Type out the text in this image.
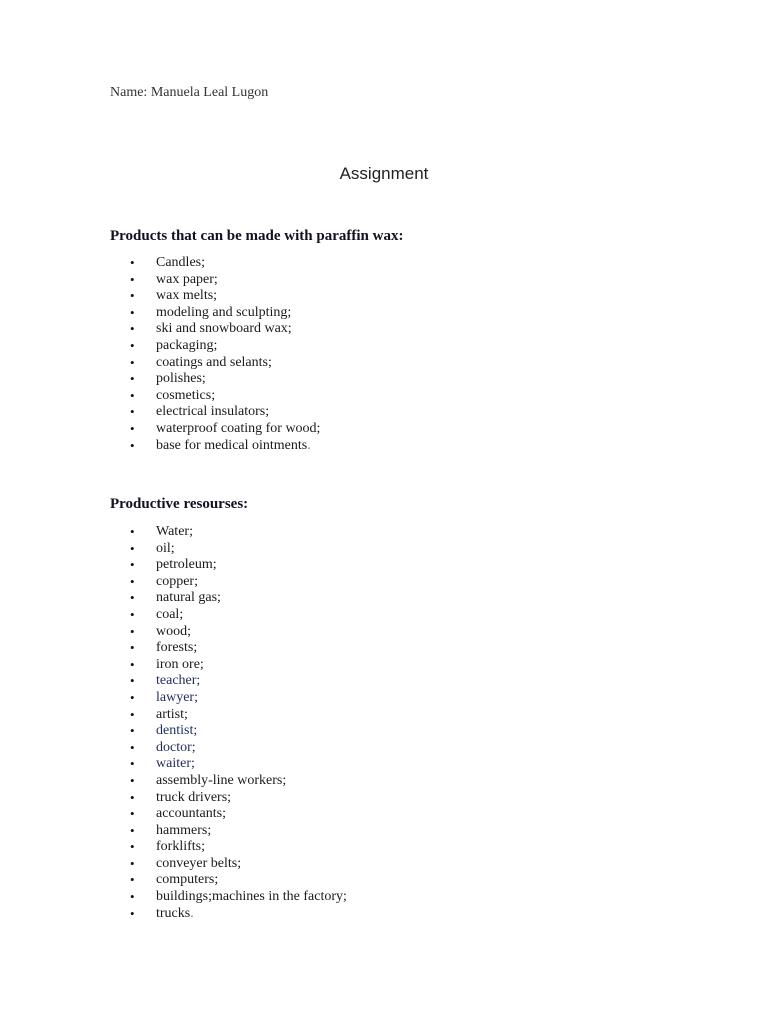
Name: Manuela Leal Lugon
Assignment
Products that can be made with paraffin wax:
• Candles;
• wax paper;
• wax melts;
• modeling and sculpting;
• ski and snowboard wax;
• packaging;
• coatings and selants;
• polishes;
• cosmetics;
• electrical insulators;
• waterproof coating for wood;
• base for medical ointments.
Productive resourses:
• Water;
• oil;
• petroleum;
• copper;
• natural gas;
• coal;
• wood;
• forests;
• iron ore;
• teacher;
• lawyer;
• artist;
• dentist;
• doctor;
• waiter;
• assembly-line workers;
• truck drivers;
• accountants;
• hammers;
• forklifts;
• conveyer belts;
• computers;
• buildings;machines in the factory;
• trucks.
